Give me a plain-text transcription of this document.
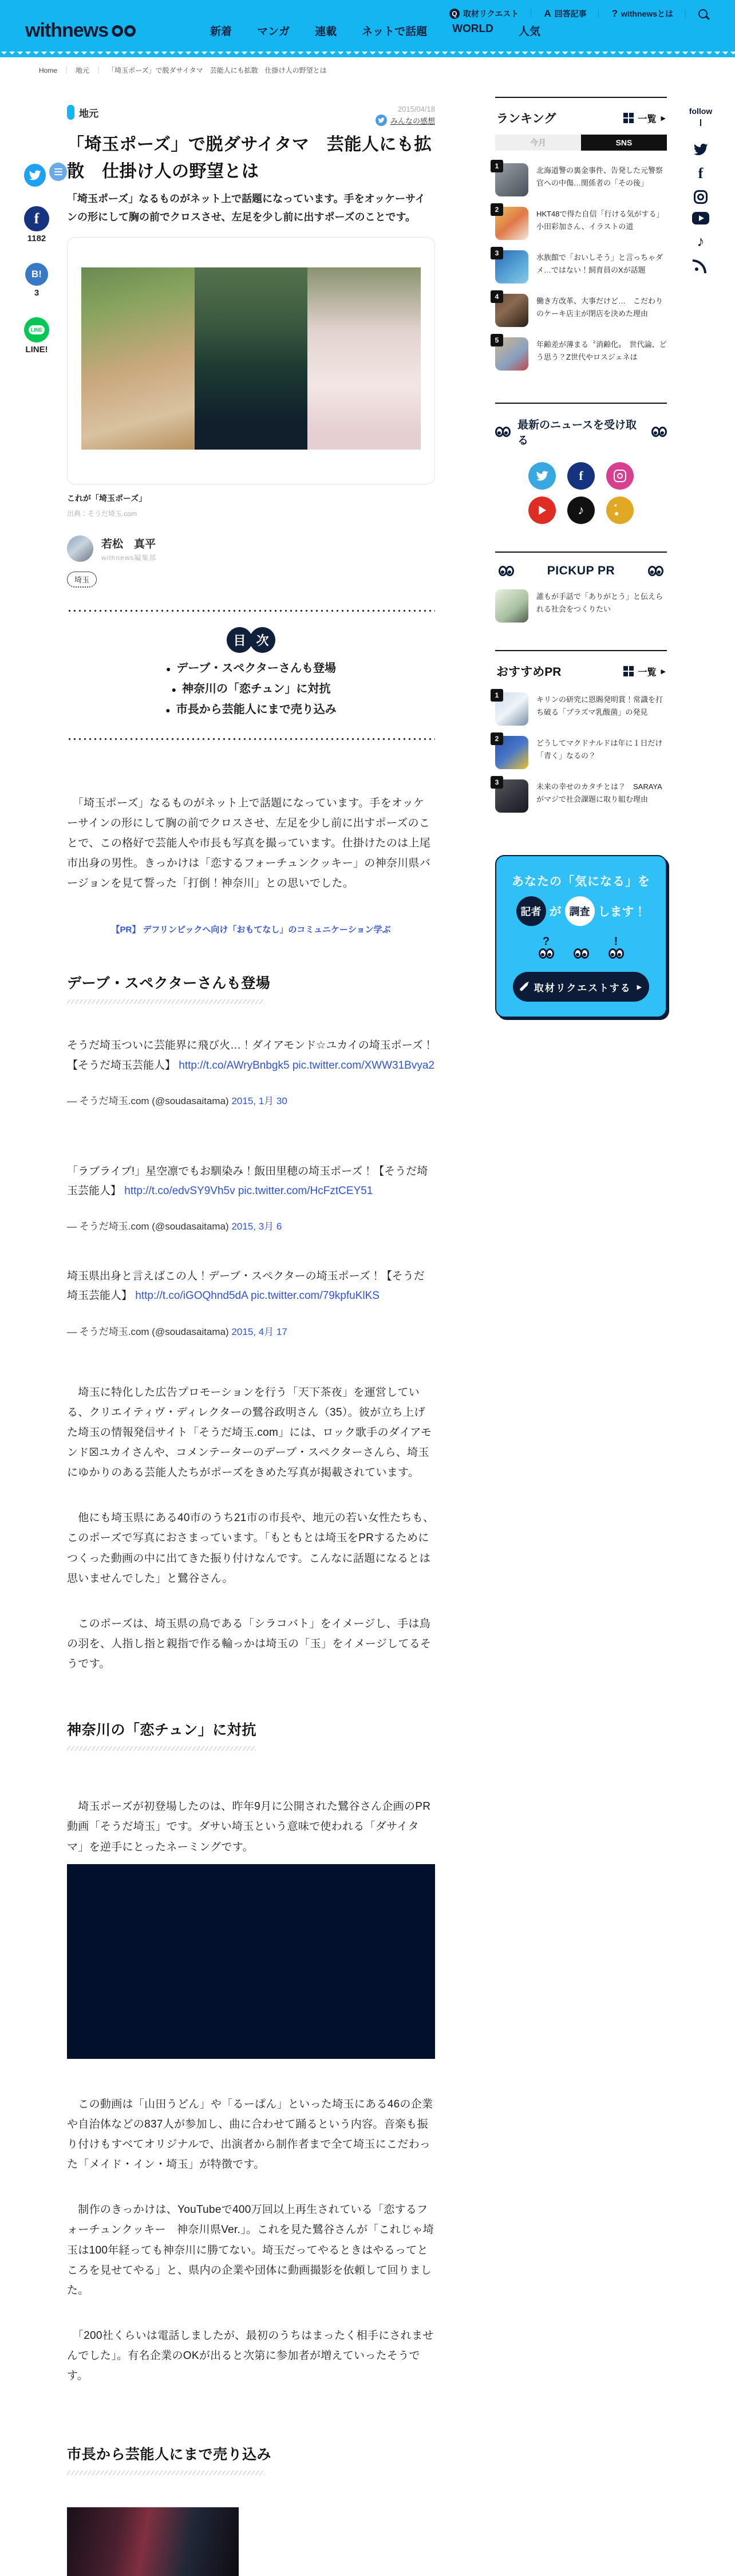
Q 取材リクエスト	｜ A 回答記事	｜ ? withnewsとは
｜
withnews	新着 マンガ 連載 ネットで話題 WORLD 人気
Home ｜	地元 ｜	「埼玉ポーズ」で脱ダサイタマ　芸能人にも拡散　仕掛け人の野望とは
f
1182
B!
3
LINE
LINE!
地元	2015/04/18
みんなの感想
「埼玉ポーズ」で脱ダサイタマ　芸能人にも拡散　仕掛け人の野望とは

「埼玉ポーズ」なるものがネット上で話題になっています。手をオッケーサインの形にして胸の前でクロスさせ、左足を少し前に出すポーズのことです。

これが「埼玉ポーズ」
出典：そうだ埼玉.com
若松　真平
withnews編集部
埼玉
目 次
● デーブ・スペクターさんも登場
● 神奈川の「恋チュン」に対抗
● 市長から芸能人にまで売り込み

　「埼玉ポーズ」なるものがネット上で話題になっています。手をオッケーサインの形にして胸の前でクロスさせ、左足を少し前に出すポーズのことで、この格好で芸能人や市長も写真を撮っています。仕掛けたのは上尾市出身の男性。きっかけは「恋するフォーチュンクッキー」の神奈川県バージョンを見て誓った「打倒！神奈川」との思いでした。

【PR】 デフリンピックへ向け「おもてなし」のコミュニケーション学ぶ
デーブ・スペクターさんも登場

そうだ埼玉ついに芸能界に飛び火…！ダイアモンド☆ユカイの埼玉ポーズ！【そうだ埼玉芸能人】 http://t.co/AWryBnbgk5 pic.twitter.com/XWW31Bvya2

— そうだ埼玉.com (@soudasaitama) 2015, 1月 30

「ラブライブ!」星空凛でもお馴染み！飯田里穂の埼玉ポーズ！【そうだ埼玉芸能人】 http://t.co/edvSY9Vh5v pic.twitter.com/HcFztCEY51

— そうだ埼玉.com (@soudasaitama) 2015, 3月 6

埼玉県出身と言えばこの人！デーブ・スペクターの埼玉ポーズ！【そうだ埼玉芸能人】 http://t.co/iGOQhnd5dA pic.twitter.com/79kpfuKlKS

— そうだ埼玉.com (@soudasaitama) 2015, 4月 17

　埼玉に特化した広告プロモーションを行う「天下茶夜」を運営している、クリエイティヴ・ディレクターの鷺谷政明さん（35）。彼が立ち上げた埼玉の情報発信サイト「そうだ埼玉.com」には、ロック歌手のダイアモンド☒ユカイさんや、コメンテーターのデーブ・スペクターさんら、埼玉にゆかりのある芸能人たちがポーズをきめた写真が掲載されています。

　他にも埼玉県にある40市のうち21市の市長や、地元の若い女性たちも、このポーズで写真におさまっています。「もともとは埼玉をPRするためにつくった動画の中に出てきた振り付けなんです。こんなに話題になるとは思いませんでした」と鷺谷さん。

　このポーズは、埼玉県の鳥である「シラコバト」をイメージし、手は鳥の羽を、人指し指と親指で作る輪っかは埼玉の「玉」をイメージしてるそうです。

神奈川の「恋チュン」に対抗

　埼玉ポーズが初登場したのは、昨年9月に公開された鷺谷さん企画のPR動画「そうだ埼玉」です。ダサい埼玉という意味で使われる「ダサイタマ」を逆手にとったネーミングです。

　この動画は「山田うどん」や「るーぱん」といった埼玉にある46の企業や自治体などの837人が参加し、曲に合わせて踊るという内容。音楽も振り付けもすべてオリジナルで、出演者から制作者まで全て埼玉にこだわった「メイド・イン・埼玉」が特徴です。

　制作のきっかけは、YouTubeで400万回以上再生されている「恋するフォーチュンクッキー　神奈川県Ver.」。これを見た鷺谷さんが「これじゃ埼玉は100年経っても神奈川に勝てない。埼玉だってやるときはやるってところを見せてやる」と、県内の企業や団体に動画撮影を依頼して回りました。

　「200社くらいは電話しましたが、最初のうちはまったく相手にされませんでした」。有名企業のOKが出ると次第に参加者が増えていったそうです。

市長から芸能人にまで売り込み
ランキング	一覧 ▶
今月	SNS
1	北海道警の裏金事件、告発した元警察官への中傷…関係者の「その後」
2	HKT48で得た自信「行ける気がする」小田彩加さん、イラストの道
3	水族館で「おいしそう」と言っちゃダメ…ではない！飼育員のXが話題
4	働き方改革、大事だけど…　こだわりのケーキ店主が閉店を決めた理由
5	年齢差が薄まる〝消齢化〟　世代論、どう思う？Z世代やロスジェネは
最新のニュースを受け取る
f
♪
PICKUP PR
誰もが手話で「ありがとう」と伝えられる社会をつくりたい
おすすめPR	一覧 ▶
1	キリンの研究に恩賜発明賞！常識を打ち破る「プラズマ乳酸菌」の発見
2	どうしてマクドナルドは年に１日だけ「青く」なるの？
3	未来の幸せのカタチとは？　SARAYAがマジで社会課題に取り組む理由
あなたの「気になる」を
記者 が 調査 します！
?
	!
取材リクエストする ▶
follow
f
♪
